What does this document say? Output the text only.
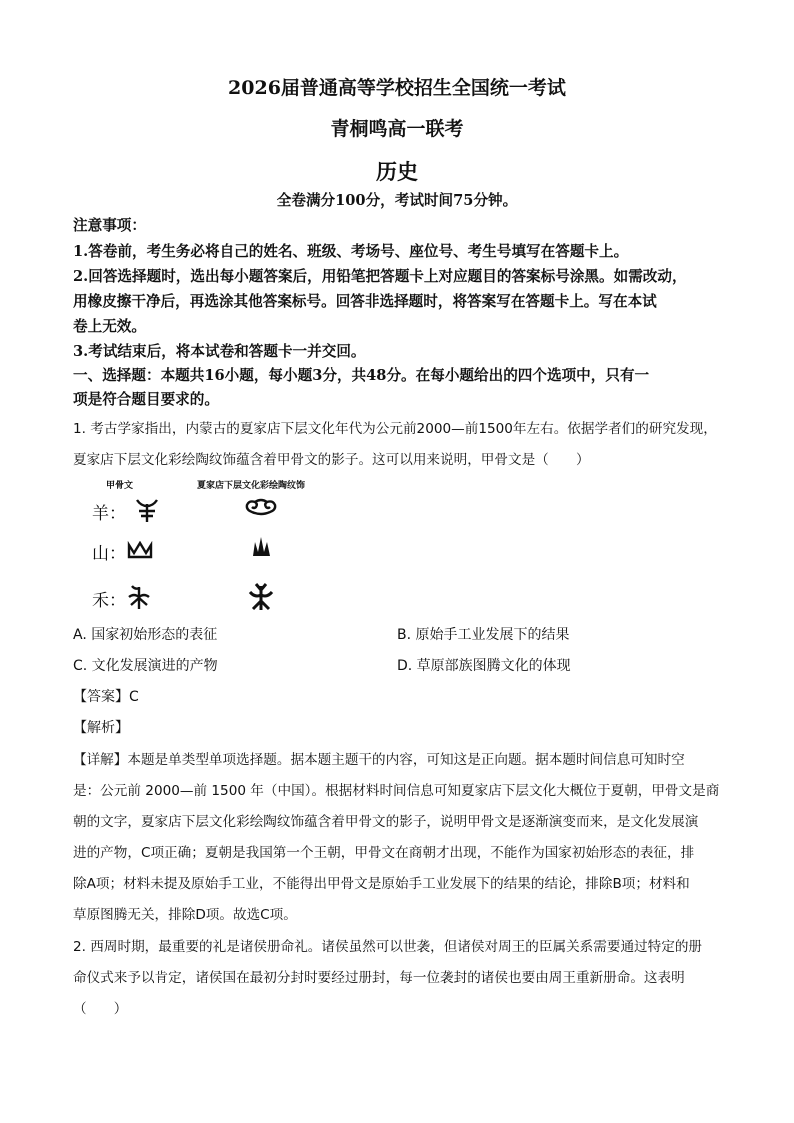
2026届普通高等学校招生全国统一考试
青桐鸣高一联考
历史
全卷满分100分，考试时间75分钟。
注意事项：
1.答卷前，考生务必将自己的姓名、班级、考场号、座位号、考生号填写在答题卡上。
2.回答选择题时，选出每小题答案后，用铅笔把答题卡上对应题目的答案标号涂黑。如需改动，
用橡皮擦干净后，再选涂其他答案标号。回答非选择题时，将答案写在答题卡上。写在本试
卷上无效。
3.考试结束后，将本试卷和答题卡一并交回。
一、选择题：本题共16小题，每小题3分，共48分。在每小题给出的四个选项中，只有一
项是符合题目要求的。
1. 考古学家指出，内蒙古的夏家店下层文化年代为公元前2000—前1500年左右。依据学者们的研究发现，
夏家店下层文化彩绘陶纹饰蕴含着甲骨文的影子。这可以用来说明，甲骨文是（　　）
甲骨文	夏家店下层文化彩绘陶纹饰
羊：
山：
禾：
A. 国家初始形态的表征	B. 原始手工业发展下的结果
C. 文化发展演进的产物	D. 草原部族图腾文化的体现
【答案】C
【解析】
【详解】本题是单类型单项选择题。据本题主题干的内容，可知这是正向题。据本题时间信息可知时空
是：公元前 2000—前 1500 年（中国）。根据材料时间信息可知夏家店下层文化大概位于夏朝，甲骨文是商
朝的文字，夏家店下层文化彩绘陶纹饰蕴含着甲骨文的影子，说明甲骨文是逐渐演变而来，是文化发展演
进的产物，C项正确；夏朝是我国第一个王朝，甲骨文在商朝才出现，不能作为国家初始形态的表征，排
除A项；材料未提及原始手工业，不能得出甲骨文是原始手工业发展下的结果的结论，排除B项；材料和
草原图腾无关，排除D项。故选C项。
2. 西周时期，最重要的礼是诸侯册命礼。诸侯虽然可以世袭，但诸侯对周王的臣属关系需要通过特定的册
命仪式来予以肯定，诸侯国在最初分封时要经过册封，每一位袭封的诸侯也要由周王重新册命。这表明
（　　）
